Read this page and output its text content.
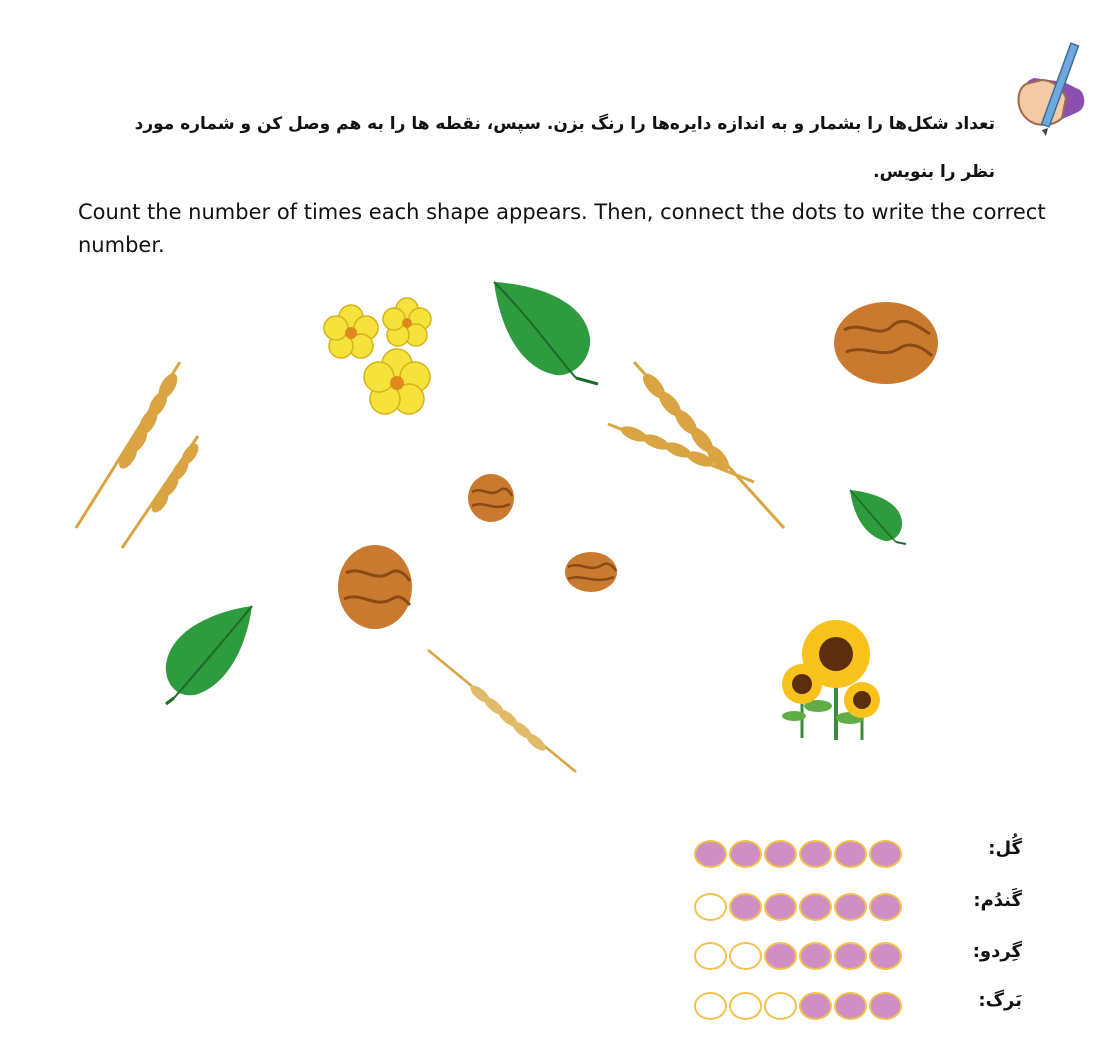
تعداد شکل‌ها را بشمار و به اندازه دایره‌ها را رنگ بزن. سپس، نقطه ها را به هم وصل کن و شماره مورد
نظر را بنویس.
Count the number of times each shape appears. Then, connect the dots to write the correct number.
گُل:
گَندُم:
گِردو:
بَرگ:
